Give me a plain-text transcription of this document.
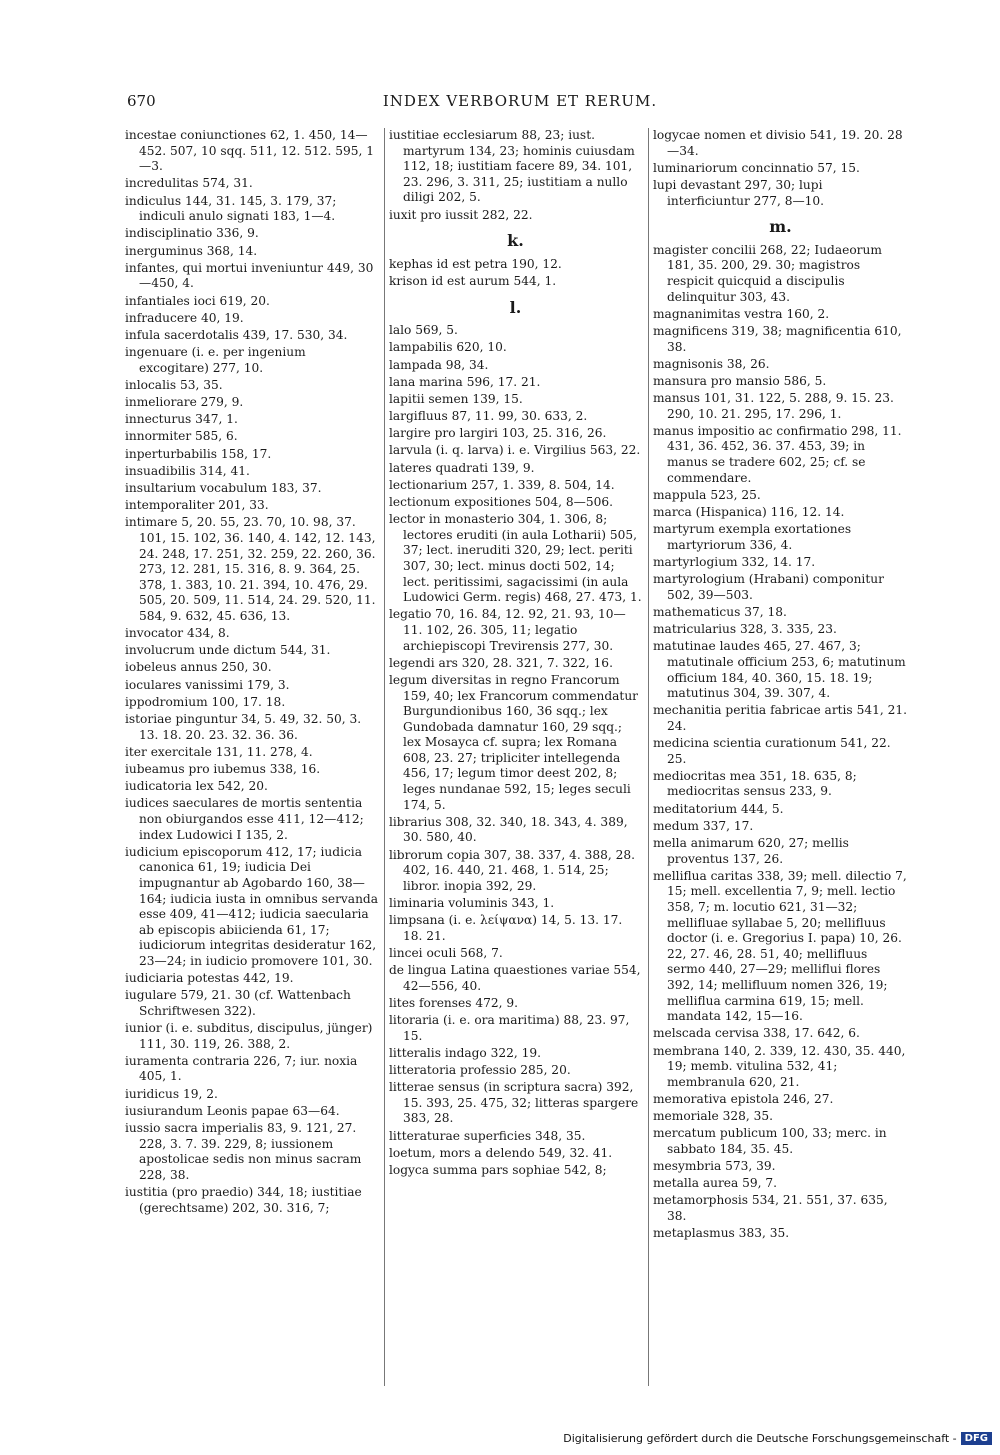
670	INDEX VERBORUM ET RERUM.
incestae coniunctiones 62, 1. 450, 14—452. 507, 10 sqq. 511, 12. 512. 595, 1—3.
incredulitas 574, 31.
indiculus 144, 31. 145, 3. 179, 37; indiculi anulo signati 183, 1—4.
indisciplinatio 336, 9.
inerguminus 368, 14.
infantes, qui mortui inveniuntur 449, 30—450, 4.
infantiales ioci 619, 20.
infraducere 40, 19.
infula sacerdotalis 439, 17. 530, 34.
ingenuare (i. e. per ingenium excogitare) 277, 10.
inlocalis 53, 35.
inmeliorare 279, 9.
innecturus 347, 1.
innormiter 585, 6.
inperturbabilis 158, 17.
insuadibilis 314, 41.
insultarium vocabulum 183, 37.
intemporaliter 201, 33.
intimare 5, 20. 55, 23. 70, 10. 98, 37. 101, 15. 102, 36. 140, 4. 142, 12. 143, 24. 248, 17. 251, 32. 259, 22. 260, 36. 273, 12. 281, 15. 316, 8. 9. 364, 25. 378, 1. 383, 10. 21. 394, 10. 476, 29. 505, 20. 509, 11. 514, 24. 29. 520, 11. 584, 9. 632, 45. 636, 13.
invocator 434, 8.
involucrum unde dictum 544, 31.
iobeleus annus 250, 30.
ioculares vanissimi 179, 3.
ippodromium 100, 17. 18.
istoriae pinguntur 34, 5. 49, 32. 50, 3. 13. 18. 20. 23. 32. 36. 36.
iter exercitale 131, 11. 278, 4.
iubeamus pro iubemus 338, 16.
iudicatoria lex 542, 20.
iudices saeculares de mortis sententia non obiurgandos esse 411, 12—412; index Ludowici I 135, 2.
iudicium episcoporum 412, 17; iudicia canonica 61, 19; iudicia Dei impugnantur ab Agobardo 160, 38—164; iudicia iusta in omnibus servanda esse 409, 41—412; iudicia saecularia ab episcopis abiicienda 61, 17; iudiciorum integritas desideratur 162, 23—24; in iudicio promovere 101, 30.
iudiciaria potestas 442, 19.
iugulare 579, 21. 30 (cf. Wattenbach Schriftwesen 322).
iunior (i. e. subditus, discipulus, jünger) 111, 30. 119, 26. 388, 2.
iuramenta contraria 226, 7; iur. noxia 405, 1.
iuridicus 19, 2.
iusiurandum Leonis papae 63—64.
iussio sacra imperialis 83, 9. 121, 27. 228, 3. 7. 39. 229, 8; iussionem apostolicae sedis non minus sacram 228, 38.
iustitia (pro praedio) 344, 18; iustitiae (gerechtsame) 202, 30. 316, 7;
iustitiae ecclesiarum 88, 23; iust. martyrum 134, 23; hominis cuiusdam 112, 18; iustitiam facere 89, 34. 101, 23. 296, 3. 311, 25; iustitiam a nullo diligi 202, 5.
iuxit pro iussit 282, 22.
k.
kephas id est petra 190, 12.
krison id est aurum 544, 1.
l.
lalo 569, 5.
lampabilis 620, 10.
lampada 98, 34.
lana marina 596, 17. 21.
lapitii semen 139, 15.
largifluus 87, 11. 99, 30. 633, 2.
largire pro largiri 103, 25. 316, 26.
larvula (i. q. larva) i. e. Virgilius 563, 22.
lateres quadrati 139, 9.
lectionarium 257, 1. 339, 8. 504, 14.
lectionum expositiones 504, 8—506.
lector in monasterio 304, 1. 306, 8; lectores eruditi (in aula Lotharii) 505, 37; lect. ineruditi 320, 29; lect. periti 307, 30; lect. minus docti 502, 14; lect. peritissimi, sagacissimi (in aula Ludowici Germ. regis) 468, 27. 473, 1.
legatio 70, 16. 84, 12. 92, 21. 93, 10—11. 102, 26. 305, 11; legatio archiepiscopi Trevirensis 277, 30.
legendi ars 320, 28. 321, 7. 322, 16.
legum diversitas in regno Francorum 159, 40; lex Francorum commendatur Burgundionibus 160, 36 sqq.; lex Gundobada damnatur 160, 29 sqq.; lex Mosayca cf. supra; lex Romana 608, 23. 27; tripliciter intellegenda 456, 17; legum timor deest 202, 8; leges nundanae 592, 15; leges seculi 174, 5.
librarius 308, 32. 340, 18. 343, 4. 389, 30. 580, 40.
librorum copia 307, 38. 337, 4. 388, 28. 402, 16. 440, 21. 468, 1. 514, 25; libror. inopia 392, 29.
liminaria voluminis 343, 1.
limpsana (i. e. λείψανα) 14, 5. 13. 17. 18. 21.
lincei oculi 568, 7.
de lingua Latina quaestiones variae 554, 42—556, 40.
lites forenses 472, 9.
litoraria (i. e. ora maritima) 88, 23. 97, 15.
litteralis indago 322, 19.
litteratoria professio 285, 20.
litterae sensus (in scriptura sacra) 392, 15. 393, 25. 475, 32; litteras spargere 383, 28.
litteraturae superficies 348, 35.
loetum, mors a delendo 549, 32. 41.
logyca summa pars sophiae 542, 8;
logycae nomen et divisio 541, 19. 20. 28—34.
luminariorum concinnatio 57, 15.
lupi devastant 297, 30; lupi interficiuntur 277, 8—10.
m.
magister concilii 268, 22; Iudaeorum 181, 35. 200, 29. 30; magistros respicit quicquid a discipulis delinquitur 303, 43.
magnanimitas vestra 160, 2.
magnificens 319, 38; magnificentia 610, 38.
magnisonis 38, 26.
mansura pro mansio 586, 5.
mansus 101, 31. 122, 5. 288, 9. 15. 23. 290, 10. 21. 295, 17. 296, 1.
manus impositio ac confirmatio 298, 11. 431, 36. 452, 36. 37. 453, 39; in manus se tradere 602, 25; cf. se commendare.
mappula 523, 25.
marca (Hispanica) 116, 12. 14.
martyrum exempla exortationes martyriorum 336, 4.
martyrlogium 332, 14. 17.
martyrologium (Hrabani) componitur 502, 39—503.
mathematicus 37, 18.
matricularius 328, 3. 335, 23.
matutinae laudes 465, 27. 467, 3; matutinale officium 253, 6; matutinum officium 184, 40. 360, 15. 18. 19; matutinus 304, 39. 307, 4.
mechanitia peritia fabricae artis 541, 21. 24.
medicina scientia curationum 541, 22. 25.
mediocritas mea 351, 18. 635, 8; mediocritas sensus 233, 9.
meditatorium 444, 5.
medum 337, 17.
mella animarum 620, 27; mellis proventus 137, 26.
melliflua caritas 338, 39; mell. dilectio 7, 15; mell. excellentia 7, 9; mell. lectio 358, 7; m. locutio 621, 31—32; mellifluae syllabae 5, 20; mellifluus doctor (i. e. Gregorius I. papa) 10, 26. 22, 27. 46, 28. 51, 40; mellifluus sermo 440, 27—29; melliflui flores 392, 14; mellifluum nomen 326, 19; melliflua carmina 619, 15; mell. mandata 142, 15—16.
melscada cervisa 338, 17. 642, 6.
membrana 140, 2. 339, 12. 430, 35. 440, 19; memb. vitulina 532, 41; membranula 620, 21.
memorativa epistola 246, 27.
memoriale 328, 35.
mercatum publicum 100, 33; merc. in sabbato 184, 35. 45.
mesymbria 573, 39.
metalla aurea 59, 7.
metamorphosis 534, 21. 551, 37. 635, 38.
metaplasmus 383, 35.
Digitalisierung gefördert durch die Deutsche Forschungsgemeinschaft - DFG
